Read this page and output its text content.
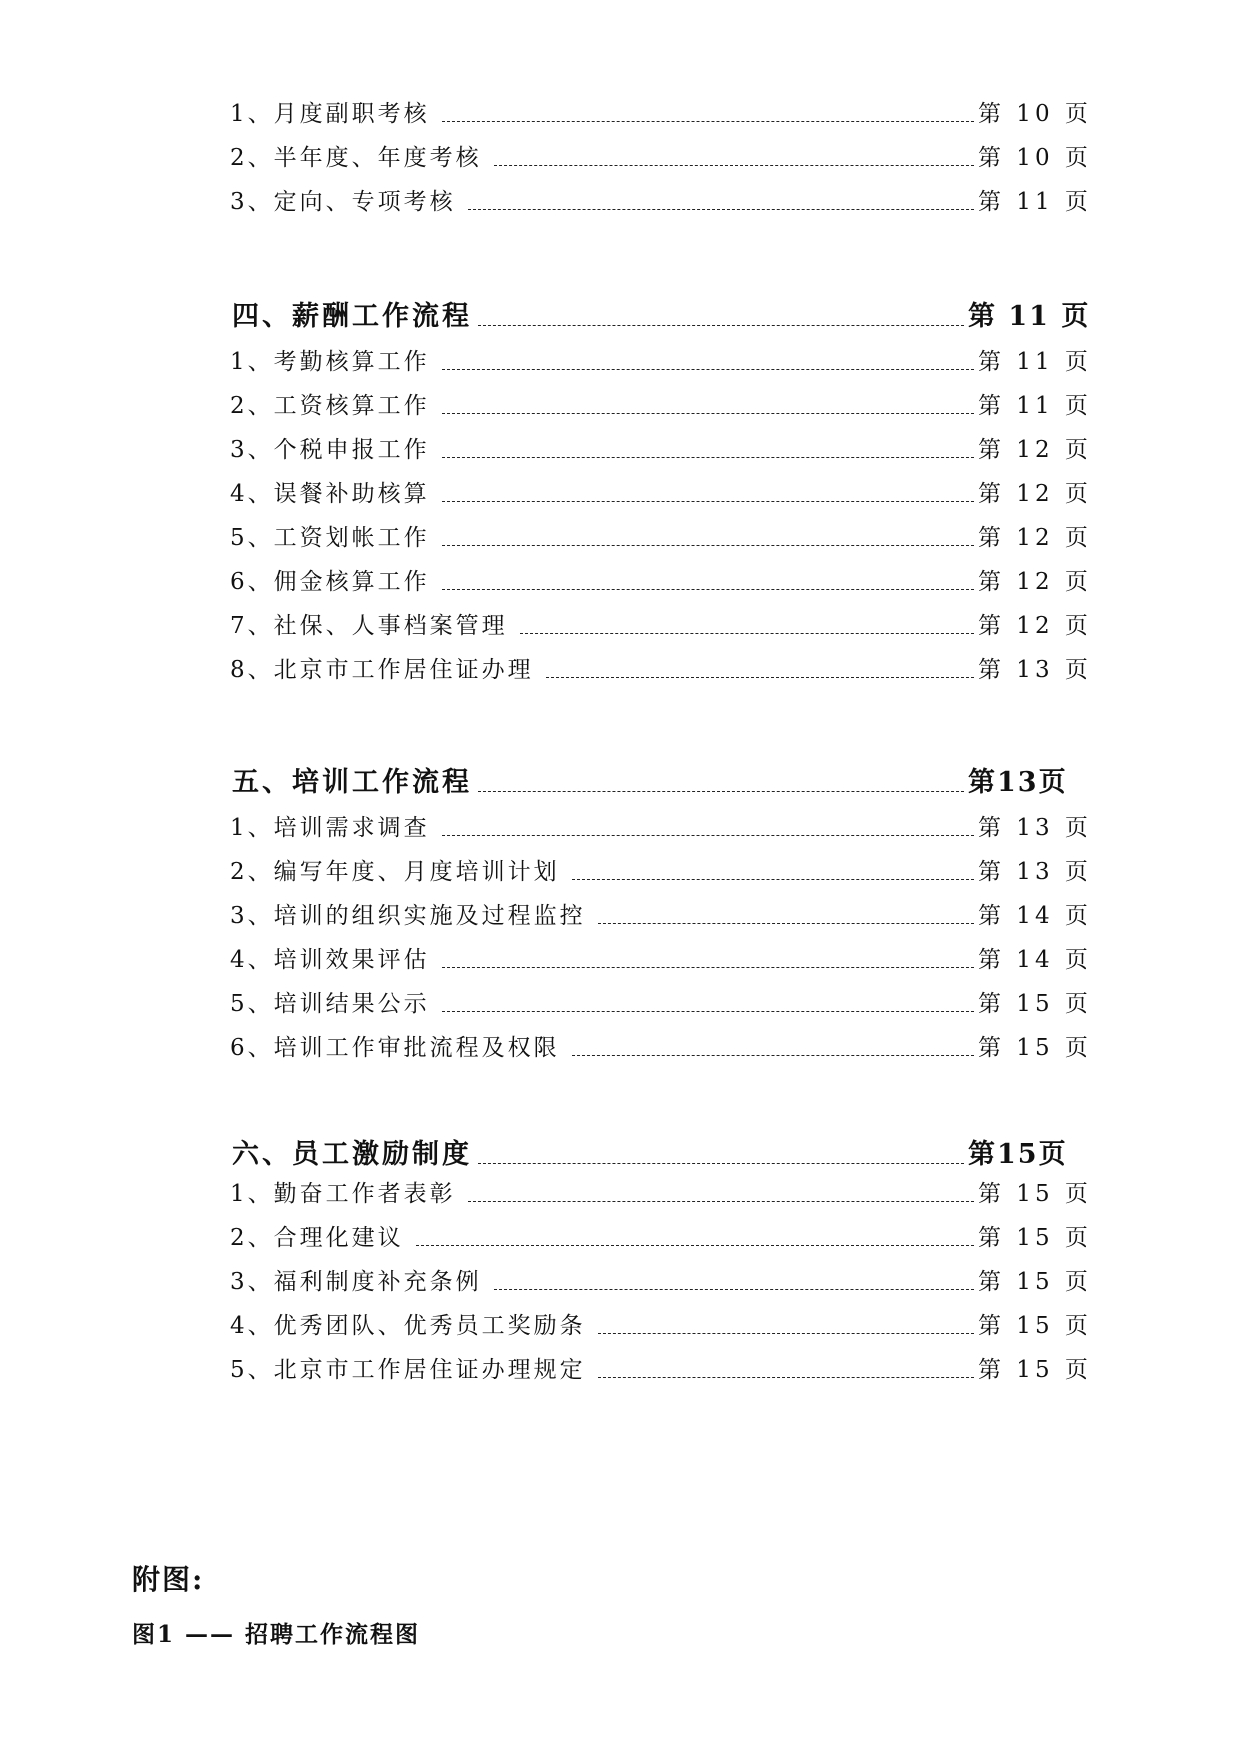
1、月度副职考核	第 10 页
2、半年度、年度考核	第 10 页
3、定向、专项考核	第 11 页
四、薪酬工作流程	第 11 页
1、考勤核算工作	第 11 页
2、工资核算工作	第 11 页
3、个税申报工作	第 12 页
4、误餐补助核算	第 12 页
5、工资划帐工作	第 12 页
6、佣金核算工作	第 12 页
7、社保、人事档案管理	第 12 页
8、北京市工作居住证办理	第 13 页
五、培训工作流程	第13页
1、培训需求调查	第 13 页
2、编写年度、月度培训计划	第 13 页
3、培训的组织实施及过程监控	第 14 页
4、培训效果评估	第 14 页
5、培训结果公示	第 15 页
6、培训工作审批流程及权限	第 15 页
六、员工激励制度	第15页
1、勤奋工作者表彰	第 15 页
2、合理化建议	第 15 页
3、福利制度补充条例	第 15 页
4、优秀团队、优秀员工奖励条	第 15 页
5、北京市工作居住证办理规定	第 15 页
附图:
图1 —— 招聘工作流程图
